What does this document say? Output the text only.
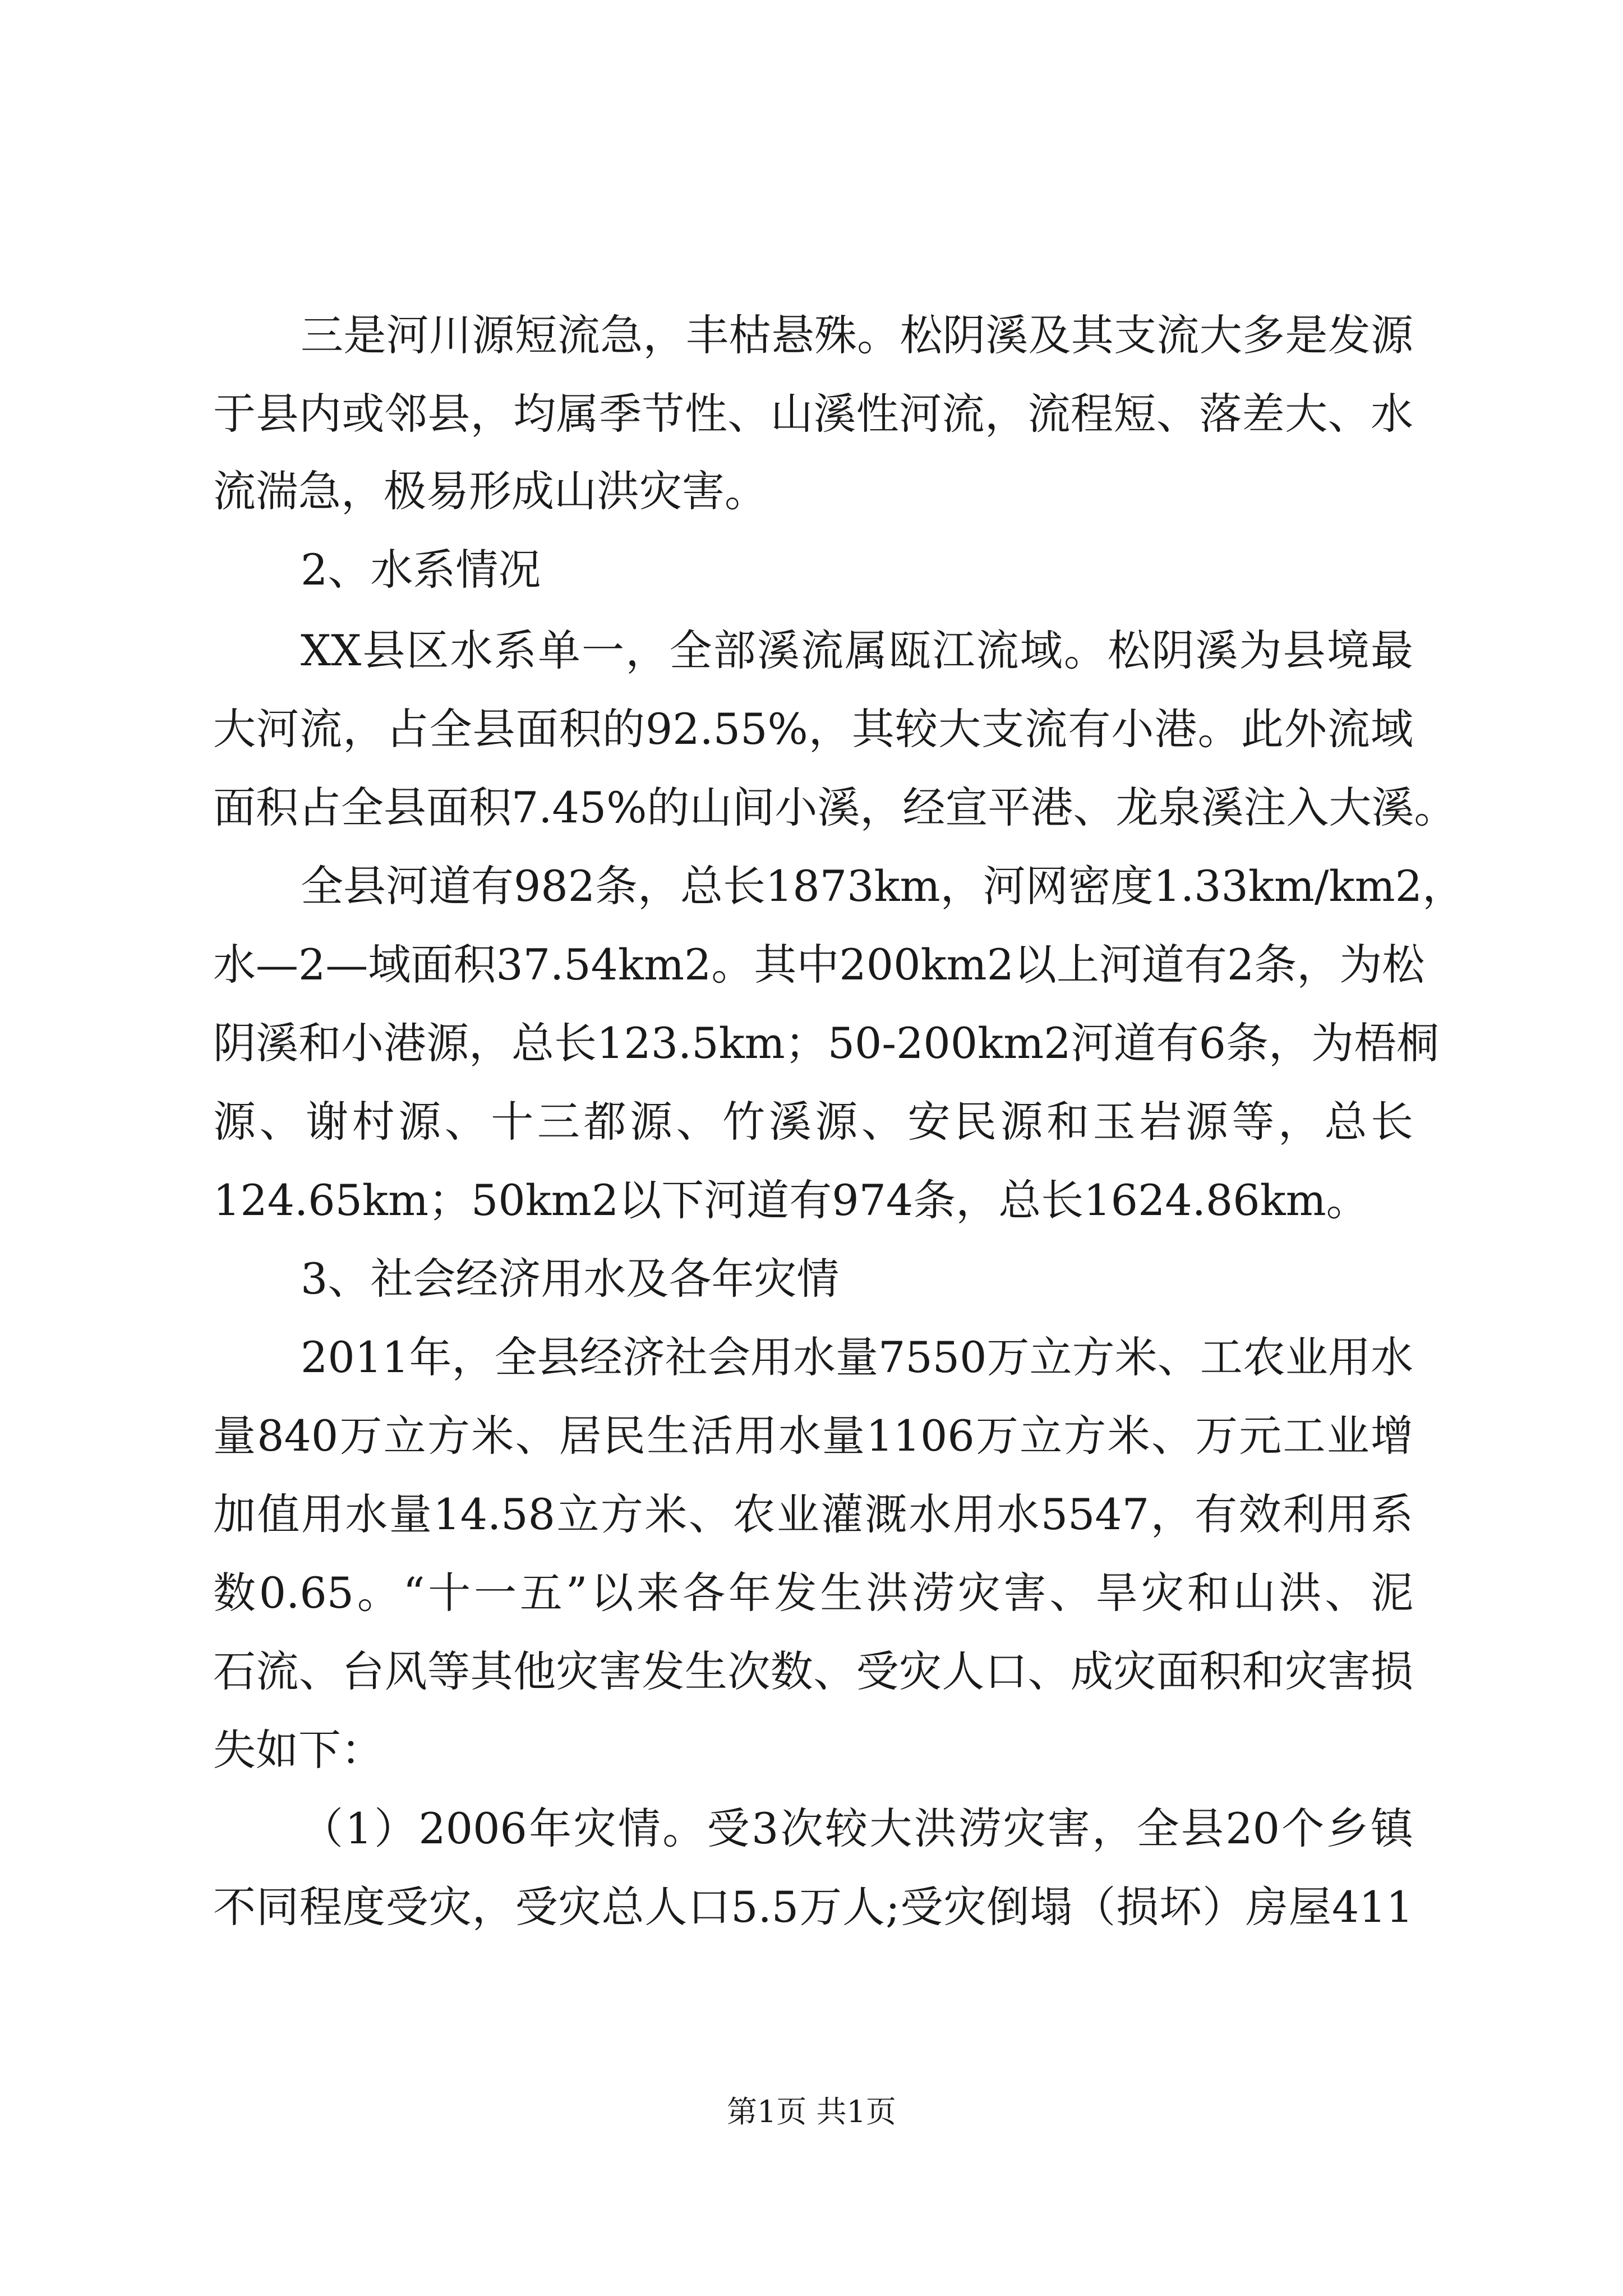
三是河川源短流急，丰枯悬殊。松阴溪及其支流大多是发源
于县内或邻县，均属季节性、山溪性河流，流程短、落差大、水
流湍急，极易形成山洪灾害。
2、水系情况
XX县区水系单一，全部溪流属瓯江流域。松阴溪为县境最
大河流，占全县面积的92.55%，其较大支流有小港。此外流域
面积占全县面积7.45%的山间小溪，经宣平港、龙泉溪注入大溪。
全县河道有982条，总长1873km，河网密度1.33km/km2，
水—2—域面积37.54km2。其中200km2以上河道有2条，为松
阴溪和小港源，总长123.5km；50-200km2河道有6条，为梧桐
源、谢村源、十三都源、竹溪源、安民源和玉岩源等，总长
124.65km；50km2以下河道有974条，总长1624.86km。
3、社会经济用水及各年灾情
2011年，全县经济社会用水量7550万立方米、工农业用水
量840万立方米、居民生活用水量1106万立方米、万元工业增
加值用水量14.58立方米、农业灌溉水用水5547，有效利用系
数0.65。“十一五”以来各年发生洪涝灾害、旱灾和山洪、泥
石流、台风等其他灾害发生次数、受灾人口、成灾面积和灾害损
失如下：
（1）2006年灾情。受3次较大洪涝灾害，全县20个乡镇
不同程度受灾，受灾总人口5.5万人;受灾倒塌（损坏）房屋411
第1页 共1页
